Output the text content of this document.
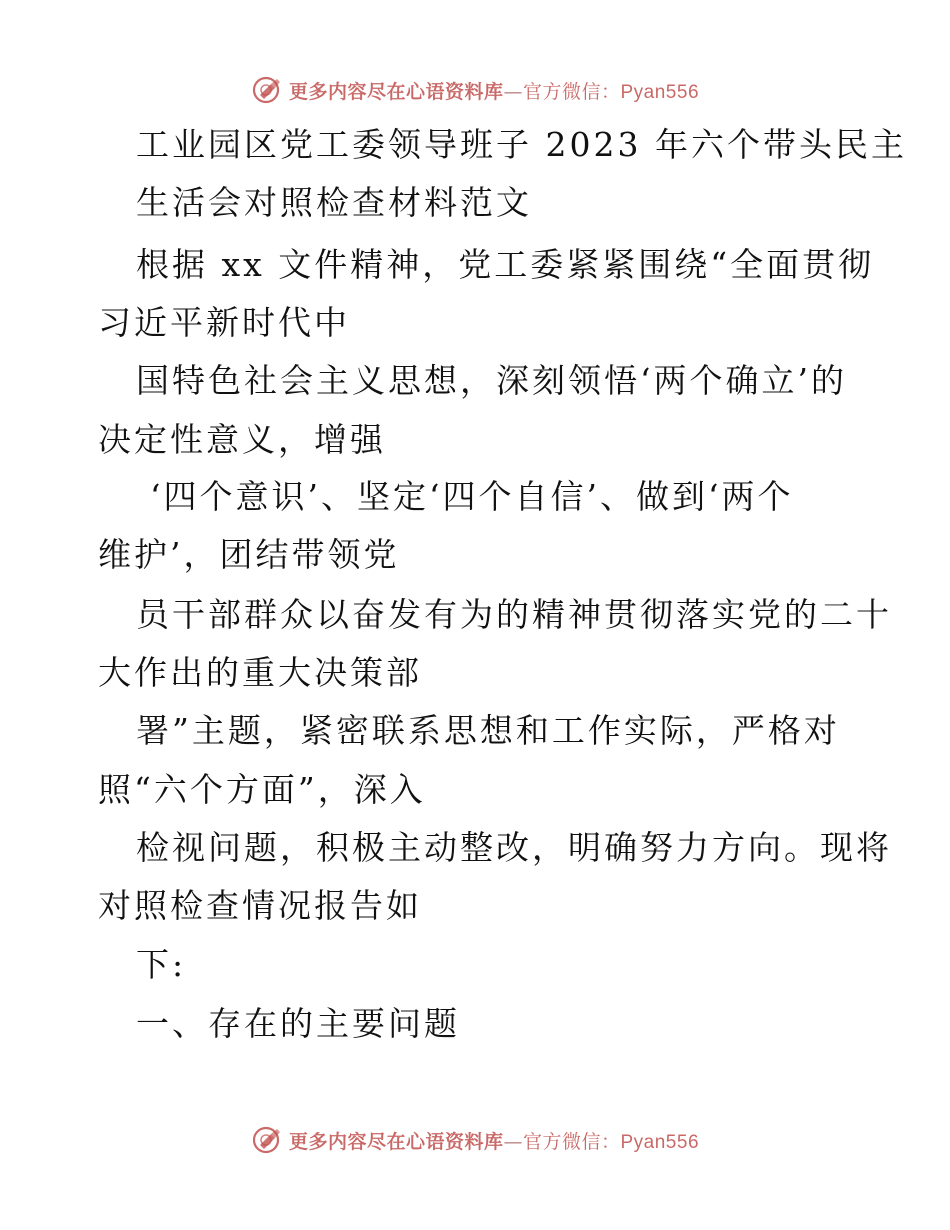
更多内容尽在心语资料库—官方微信：Pyan556
工业园区党工委领导班子 2023 年六个带头民主
生活会对照检查材料范文
根据 xx 文件精神，党工委紧紧围绕“全面贯彻
习近平新时代中
国特色社会主义思想，深刻领悟‘两个确立’的
决定性意义，增强
‘四个意识’、坚定‘四个自信’、做到‘两个
维护’，团结带领党
员干部群众以奋发有为的精神贯彻落实党的二十
大作出的重大决策部
署”主题，紧密联系思想和工作实际，严格对
照“六个方面”，深入
检视问题，积极主动整改，明确努力方向。现将
对照检查情况报告如
下:
一、存在的主要问题
更多内容尽在心语资料库—官方微信：Pyan556
